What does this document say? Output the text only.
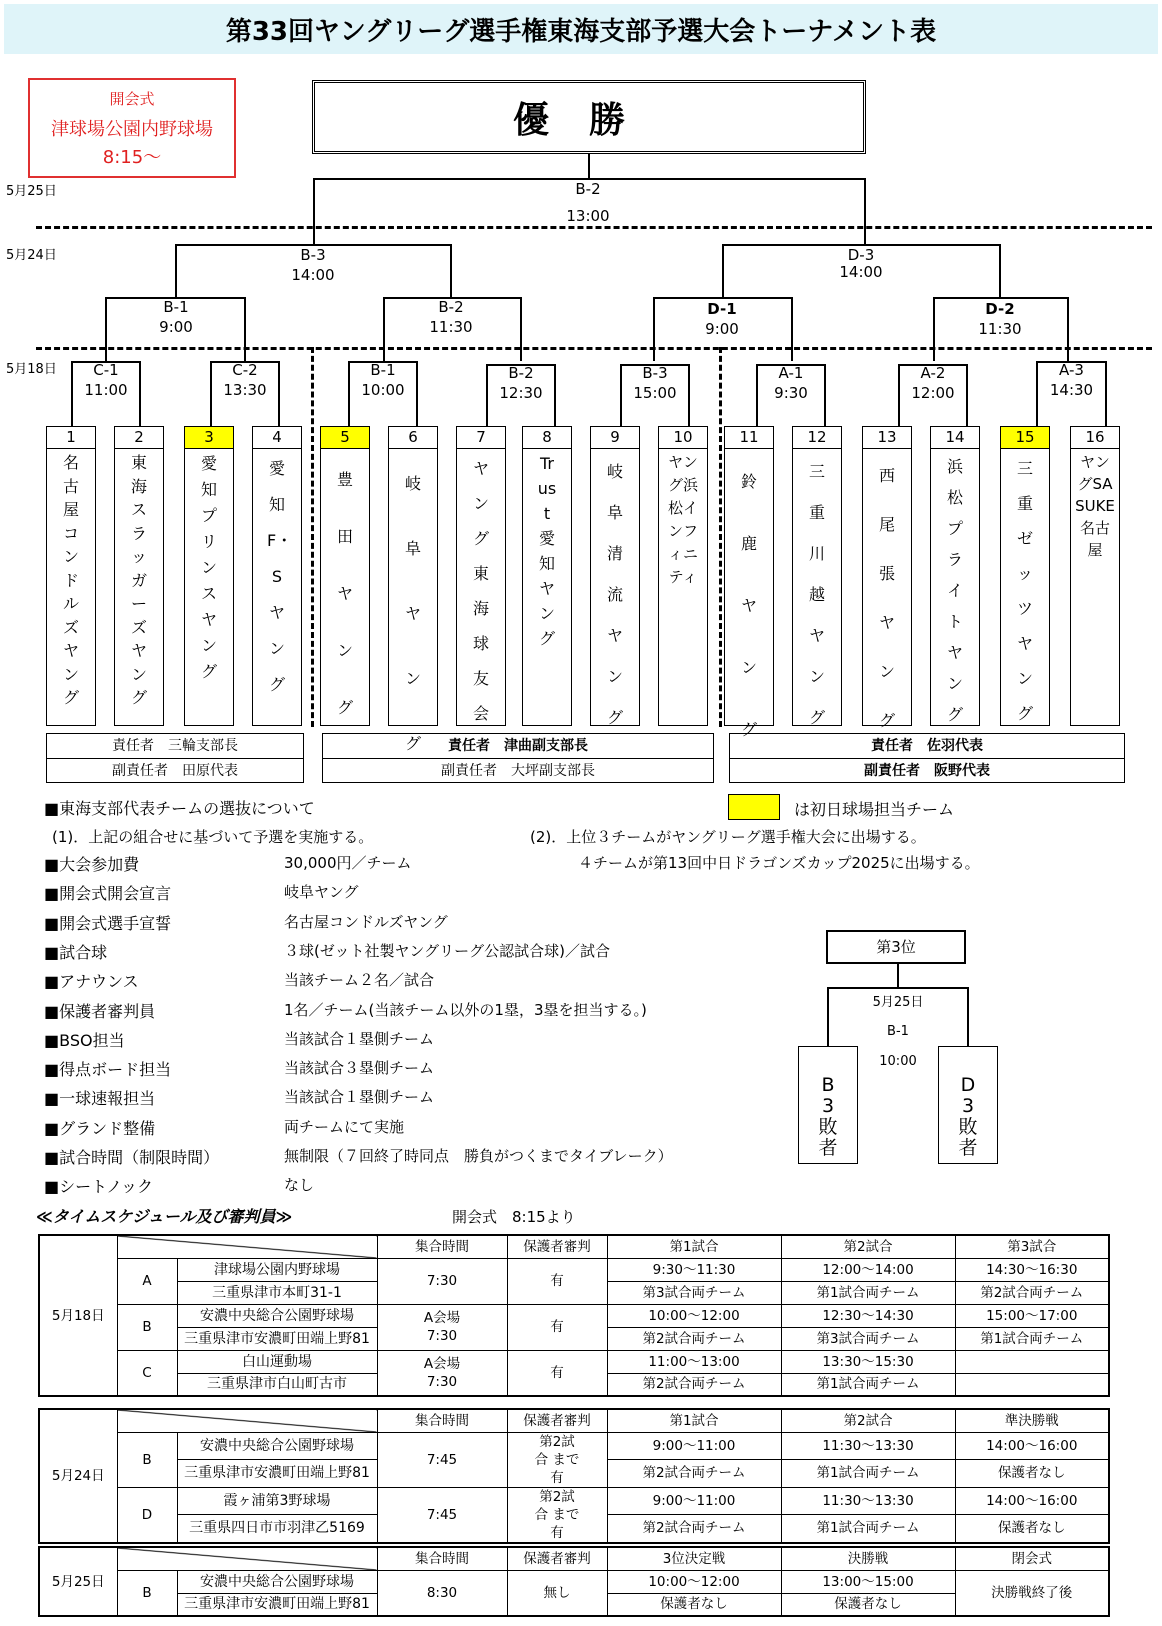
第33回ヤングリーグ選手権東海支部予選大会トーナメント表
開会式
津球場公園内野球場
8:15〜
優勝
5月25日
5月24日
5月18日
B-2
13:00
B-3
14:00
D-3
14:00
B-1
9:00
B-2
11:30
D-1
9:00
D-2
11:30
C-1
11:00
C-2
13:30
B-1
10:00
B-2
12:30
B-3
15:00
A-1
9:30
A-2
12:00
A-3
14:30
1
名古屋コンドルズヤング
2
東海スラッガーズヤング
3
愛知プリンスヤング
4
愛知F・Sヤング
5
豊田ヤング
6
岐阜ヤング
7
ヤング東海球友会
8
Trust愛知ヤング
9
岐阜清流ヤング
10
ヤング浜松インフィニティ
11
鈴鹿ヤング
12
三重川越ヤング
13
西尾張ヤング
14
浜松プライトヤング
15
三重ゼッツヤング
16
ヤングSASUKE名古屋
責任者　三輪支部長
副責任者　田原代表
責任者　津曲副支部長
副責任者　大坪副支部長
責任者　佐羽代表
副責任者　阪野代表
■東海支部代表チームの選抜について	は初日球場担当チーム
(1)．上記の組合せに基づいて予選を実施する。	(2)．上位３チームがヤングリーグ選手権大会に出場する。
４チームが第13回中日ドラゴンズカップ2025に出場する。
■大会参加費	30,000円／チーム
■開会式開会宣言	岐阜ヤング
■開会式選手宣誓	名古屋コンドルズヤング
■試合球	３球(ゼット社製ヤングリーグ公認試合球)／試合
■アナウンス	当該チーム２名／試合
■保護者審判員	1名／チーム(当該チーム以外の1塁，3塁を担当する。)
■BSO担当	当該試合１塁側チーム
■得点ボード担当	当該試合３塁側チーム
■一球速報担当	当該試合１塁側チーム
■グランド整備	両チームにて実施
■試合時間（制限時間）	無制限（７回終了時同点　勝負がつくまでタイブレーク）
■シートノック	なし
第3位
5月25日
B-1
10:00
B3敗者
D3敗者
≪タイムスケジュール及び審判員≫	開会式　8:15より
5月18日			集合時間	保護者審判	第1試合	第2試合	第3試合
	A	津球場公園内野球場	7:30	有	9:30〜11:30	12:00〜14:00	14:30〜16:30
		三重県津市本町31-1			第3試合両チーム	第1試合両チーム	第2試合両チーム
	B	安濃中央総合公園野球場	A会場 7:30	有	10:00〜12:00	12:30〜14:30	15:00〜17:00
		三重県津市安濃町田端上野81			第2試合両チーム	第3試合両チーム	第1試合両チーム
	C	白山運動場	A会場 7:30	有	11:00〜13:00	13:30〜15:30	
		三重県津市白山町古市			第2試合両チーム	第1試合両チーム	
5月24日			集合時間	保護者審判	第1試合	第2試合	準決勝戦
	B	安濃中央総合公園野球場	7:45	第2試合 まで有	9:00〜11:00	11:30〜13:30	14:00〜16:00
		三重県津市安濃町田端上野81			第2試合両チーム	第1試合両チーム	保護者なし
	D	霞ヶ浦第3野球場	7:45	第2試合 まで有	9:00〜11:00	11:30〜13:30	14:00〜16:00
		三重県四日市市羽津乙5169			第2試合両チーム	第1試合両チーム	保護者なし
5月25日			集合時間	保護者審判	3位決定戦	決勝戦	閉会式
	B	安濃中央総合公園野球場	8:30	無し	10:00〜12:00	13:00〜15:00	決勝戦終了後
		三重県津市安濃町田端上野81			保護者なし	保護者なし	
